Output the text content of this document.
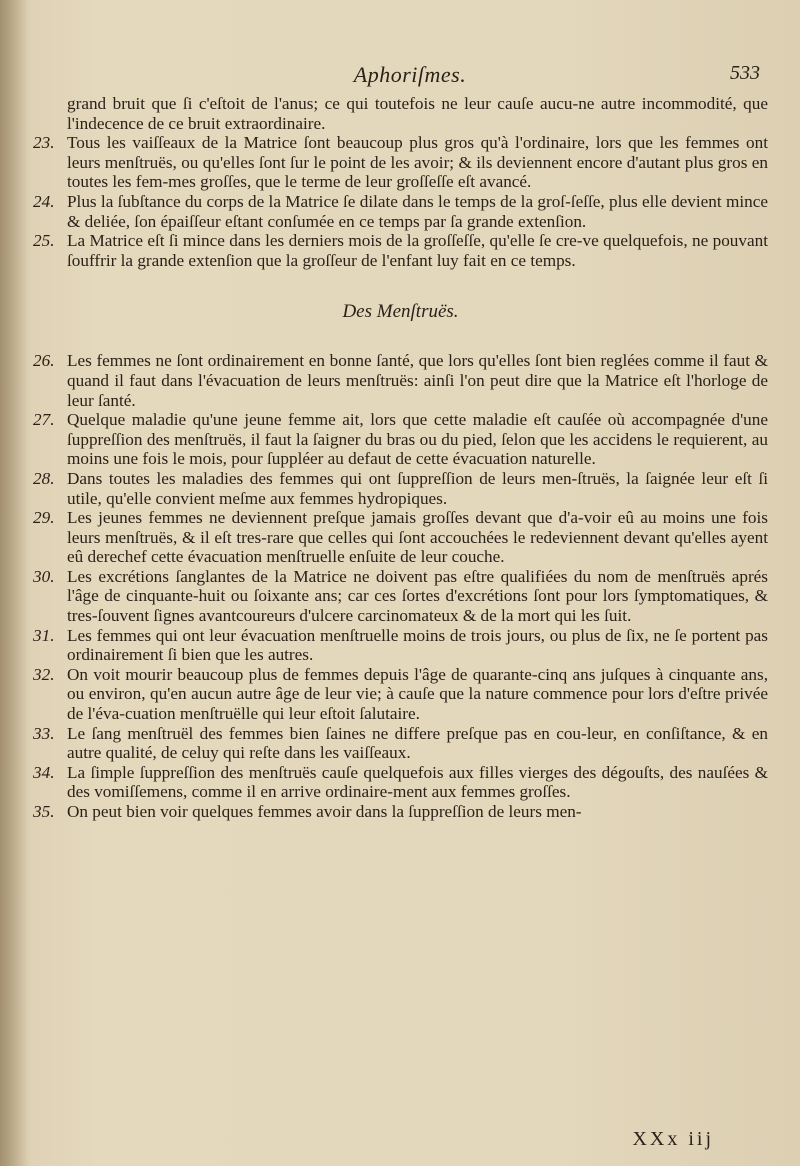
Aphoriſmes.	533

grand bruit que ſi c'eſtoit de l'anus; ce qui toutefois ne leur cauſe aucu-ne autre incommodité, que l'indecence de ce bruit extraordinaire.

23. Tous les vaiſſeaux de la Matrice ſont beaucoup plus gros qu'à l'ordinaire, lors que les femmes ont leurs menſtruës, ou qu'elles ſont ſur le point de les avoir; & ils deviennent encore d'autant plus gros en toutes les fem-mes groſſes, que le terme de leur groſſeſſe eſt avancé.

24. Plus la ſubſtance du corps de la Matrice ſe dilate dans le temps de la groſ-ſeſſe, plus elle devient mince & deliée, ſon épaiſſeur eſtant conſumée en ce temps par ſa grande extenſion.

25. La Matrice eſt ſi mince dans les derniers mois de la groſſeſſe, qu'elle ſe cre-ve quelquefois, ne pouvant ſouffrir la grande extenſion que la groſſeur de l'enfant luy fait en ce temps.

Des Menſtruës.

26. Les femmes ne ſont ordinairement en bonne ſanté, que lors qu'elles ſont bien reglées comme il faut & quand il faut dans l'évacuation de leurs menſtruës: ainſi l'on peut dire que la Matrice eſt l'horloge de leur ſanté.

27. Quelque maladie qu'une jeune femme ait, lors que cette maladie eſt cauſée où accompagnée d'une ſuppreſſion des menſtruës, il faut la ſaigner du bras ou du pied, ſelon que les accidens le requierent, au moins une fois le mois, pour ſuppléer au defaut de cette évacuation naturelle.

28. Dans toutes les maladies des femmes qui ont ſuppreſſion de leurs men-ſtruës, la ſaignée leur eſt ſi utile, qu'elle convient meſme aux femmes hydropiques.

29. Les jeunes femmes ne deviennent preſque jamais groſſes devant que d'a-voir eû au moins une fois leurs menſtruës, & il eſt tres-rare que celles qui ſont accouchées le redeviennent devant qu'elles ayent eû derechef cette évacuation menſtruelle enſuite de leur couche.

30. Les excrétions ſanglantes de la Matrice ne doivent pas eſtre qualifiées du nom de menſtruës aprés l'âge de cinquante-huit ou ſoixante ans; car ces ſortes d'excrétions ſont pour lors ſymptomatiques, & tres-ſouvent ſignes avantcoureurs d'ulcere carcinomateux & de la mort qui les ſuit.

31. Les femmes qui ont leur évacuation menſtruelle moins de trois jours, ou plus de ſix, ne ſe portent pas ordinairement ſi bien que les autres.

32. On voit mourir beaucoup plus de femmes depuis l'âge de quarante-cinq ans juſques à cinquante ans, ou environ, qu'en aucun autre âge de leur vie; à cauſe que la nature commence pour lors d'eſtre privée de l'éva-cuation menſtruëlle qui leur eſtoit ſalutaire.

33. Le ſang menſtruël des femmes bien ſaines ne differe preſque pas en cou-leur, en conſiſtance, & en autre qualité, de celuy qui reſte dans les vaiſſeaux.

34. La ſimple ſuppreſſion des menſtruës cauſe quelquefois aux filles vierges des dégouſts, des nauſées & des vomiſſemens, comme il en arrive ordinaire-ment aux femmes groſſes.

35. On peut bien voir quelques femmes avoir dans la ſuppreſſion de leurs men-

XXx iij
